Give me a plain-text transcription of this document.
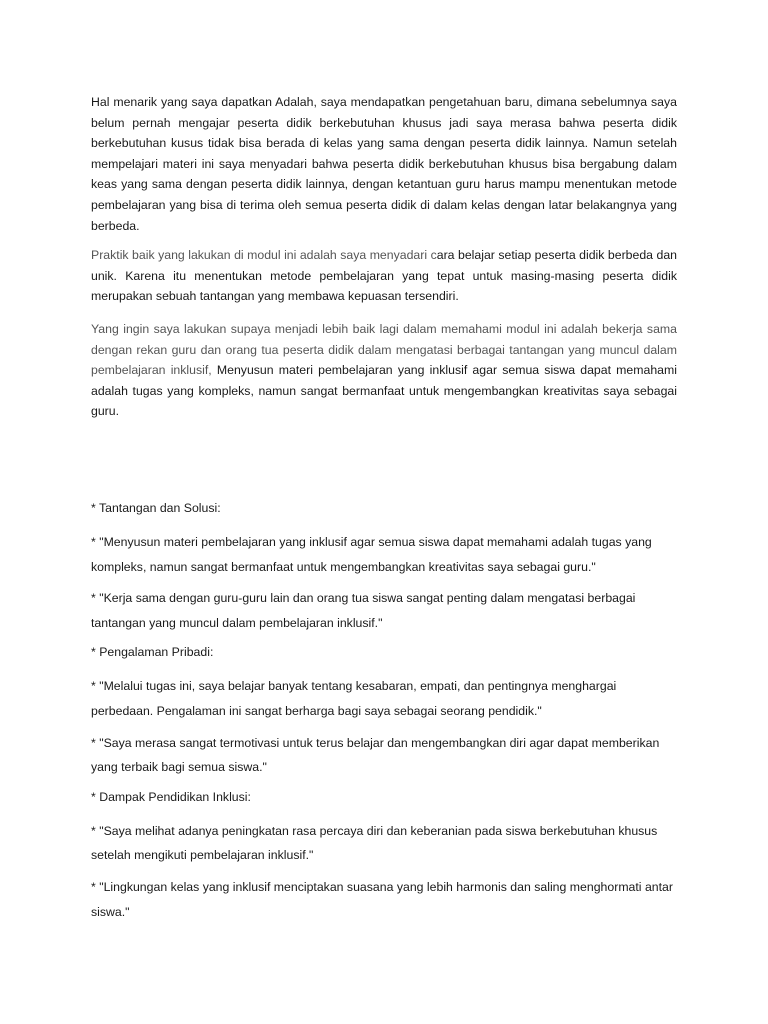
Hal menarik yang saya dapatkan Adalah, saya mendapatkan pengetahuan baru, dimana sebelumnya saya belum pernah mengajar peserta didik berkebutuhan khusus jadi saya merasa bahwa peserta didik berkebutuhan kusus tidak bisa berada di kelas yang sama dengan peserta didik lainnya. Namun setelah mempelajari materi ini saya menyadari bahwa peserta didik berkebutuhan khusus bisa bergabung dalam keas yang sama dengan peserta didik lainnya, dengan ketantuan guru harus mampu menentukan metode pembelajaran yang bisa di terima oleh semua peserta didik di dalam kelas dengan latar belakangnya yang berbeda.

Praktik baik yang lakukan di modul ini adalah saya menyadari cara belajar setiap peserta didik berbeda dan unik. Karena itu menentukan metode pembelajaran yang tepat untuk masing-masing peserta didik merupakan sebuah tantangan yang membawa kepuasan tersendiri.

Yang ingin saya lakukan supaya menjadi lebih baik lagi dalam memahami modul ini adalah bekerja sama dengan rekan guru dan orang tua peserta didik dalam mengatasi berbagai tantangan yang muncul dalam pembelajaran inklusif, Menyusun materi pembelajaran yang inklusif agar semua siswa dapat memahami adalah tugas yang kompleks, namun sangat bermanfaat untuk mengembangkan kreativitas saya sebagai guru.

* Tantangan dan Solusi:

* "Menyusun materi pembelajaran yang inklusif agar semua siswa dapat memahami adalah tugas yang kompleks, namun sangat bermanfaat untuk mengembangkan kreativitas saya sebagai guru."

* "Kerja sama dengan guru-guru lain dan orang tua siswa sangat penting dalam mengatasi berbagai tantangan yang muncul dalam pembelajaran inklusif."

* Pengalaman Pribadi:

* "Melalui tugas ini, saya belajar banyak tentang kesabaran, empati, dan pentingnya menghargai perbedaan. Pengalaman ini sangat berharga bagi saya sebagai seorang pendidik."

* "Saya merasa sangat termotivasi untuk terus belajar dan mengembangkan diri agar dapat memberikan yang terbaik bagi semua siswa."

* Dampak Pendidikan Inklusi:

* "Saya melihat adanya peningkatan rasa percaya diri dan keberanian pada siswa berkebutuhan khusus setelah mengikuti pembelajaran inklusif."

* "Lingkungan kelas yang inklusif menciptakan suasana yang lebih harmonis dan saling menghormati antar siswa."
